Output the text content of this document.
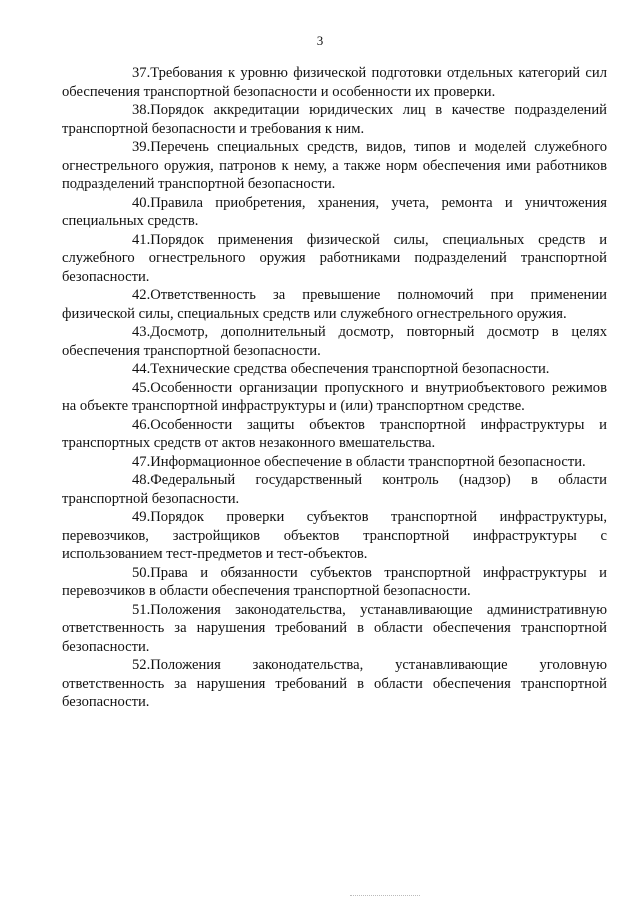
3

37.Требования к уровню физической подготовки отдельных категорий сил обеспечения транспортной безопасности и особенности их проверки.

38.Порядок аккредитации юридических лиц в качестве подразделений транспортной безопасности и требования к ним.

39.Перечень специальных средств, видов, типов и моделей служебного огнестрельного оружия, патронов к нему, а также норм обеспечения ими работников подразделений транспортной безопасности.

40.Правила приобретения, хранения, учета, ремонта и уничтожения специальных средств.

41.Порядок применения физической силы, специальных средств и служебного огнестрельного оружия работниками подразделений транспортной безопасности.

42.Ответственность за превышение полномочий при применении физической силы, специальных средств или служебного огнестрельного оружия.

43.Досмотр, дополнительный досмотр, повторный досмотр в целях обеспечения транспортной безопасности.

44.Технические средства обеспечения транспортной безопасности.

45.Особенности организации пропускного и внутриобъектового режимов на объекте транспортной инфраструктуры и (или) транспортном средстве.

46.Особенности защиты объектов транспортной инфраструктуры и транспортных средств от актов незаконного вмешательства.

47.Информационное обеспечение в области транспортной безопасности.

48.Федеральный государственный контроль (надзор) в области транспортной безопасности.

49.Порядок проверки субъектов транспортной инфраструктуры, перевозчиков, застройщиков объектов транспортной инфраструктуры с использованием тест-предметов и тест-объектов.

50.Права и обязанности субъектов транспортной инфраструктуры и перевозчиков в области обеспечения транспортной безопасности.

51.Положения законодательства, устанавливающие административную ответственность за нарушения требований в области обеспечения транспортной безопасности.

52.Положения законодательства, устанавливающие уголовную ответственность за нарушения требований в области обеспечения транспортной безопасности.
